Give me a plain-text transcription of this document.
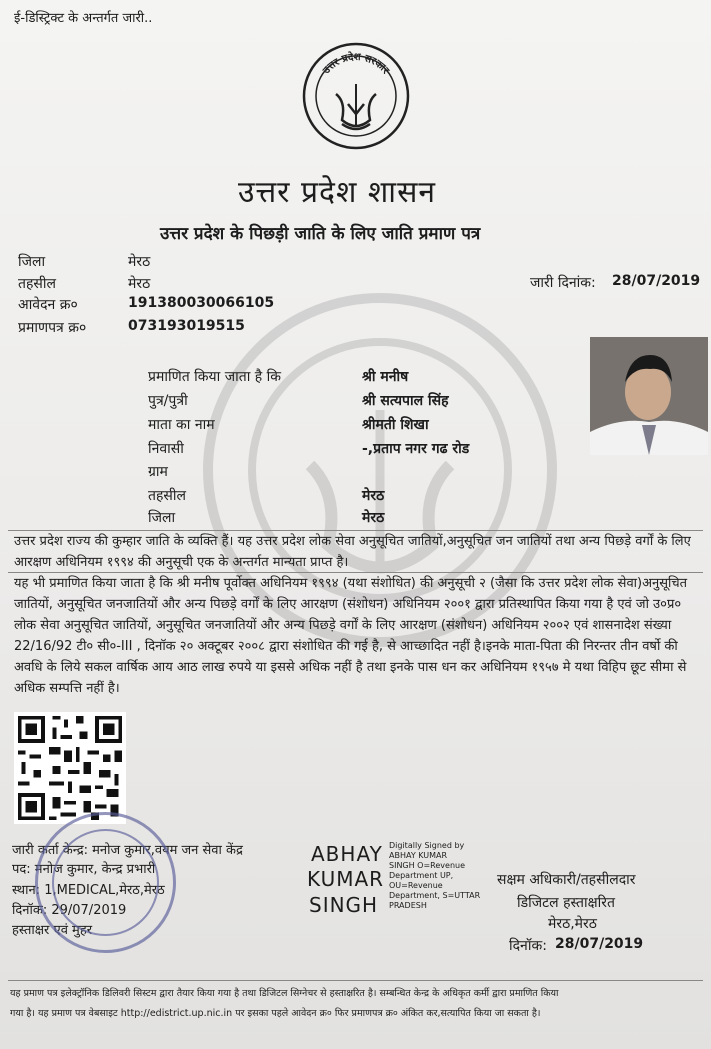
ई-डिस्ट्रिक्ट के अन्तर्गत जारी..
उत्तर प्रदेश सरकार
उत्तर प्रदेश शासन
उत्तर प्रदेश के पिछड़ी जाति के लिए जाति प्रमाण पत्र
जिला	मेरठ
तहसील	मेरठ
आवेदन क्र०	191380030066105
प्रमाणपत्र क्र०	073193019515
जारी दिनांक: 28/07/2019
प्रमाणित किया जाता है कि	श्री मनीष
पुत्र/पुत्री	श्री सत्यपाल सिंह
माता का नाम	श्रीमती शिखा
निवासी	-,प्रताप नगर गढ रोड
ग्राम
तहसील	मेरठ
जिला	मेरठ
उत्तर प्रदेश राज्य की कुम्हार जाति के व्यक्ति हैं। यह उत्तर प्रदेश लोक सेवा अनुसूचित जातियों,अनुसूचित जन जातियों तथा अन्य पिछड़े वर्गों के लिए आरक्षण अधिनियम १९९४ की अनुसूची एक के अन्तर्गत मान्यता प्राप्त है।
यह भी प्रमाणित किया जाता है कि श्री मनीष पूर्वोक्त अधिनियम १९९४ (यथा संशोधित) की अनुसूची २ (जैसा कि उत्तर प्रदेश लोक सेवा)अनुसूचित जातियों, अनुसूचित जनजातियों और अन्य पिछड़े वर्गों के लिए आरक्षण (संशोधन) अधिनियम २००१ द्वारा प्रतिस्थापित किया गया है एवं जो उ०प्र० लोक सेवा अनुसूचित जातियों, अनुसूचित जनजातियों और अन्य पिछड़े वर्गों के लिए आरक्षण (संशोधन) अधिनियम २००२ एवं शासनादेश संख्या 22/16/92 टी० सी०-III , दिनॉक २० अक्टूबर २००८ द्वारा संशोधित की गई है, से आच्छादित नहीं है।इनके माता-पिता की निरन्तर तीन वर्षो की अवधि के लिये सकल वार्षिक आय आठ लाख रुपये या इससे अधिक नहीं है तथा इनके पास धन कर अधिनियम १९५७ मे यथा विहिप छूट सीमा से अधिक सम्पत्ति नहीं है।
जारी कर्ता केन्द्र: मनोज कुमार,वयम जन सेवा केंद्र
पद: मनोज कुमार, केन्द्र प्रभारी
स्थान: 1,MEDICAL,मेरठ,मेरठ
दिनॉक: 29/07/2019
हस्ताक्षर एवं मुहर
ABHAY
KUMAR
SINGH
Digitally Signed by
ABHAY KUMAR
SINGH O=Revenue
Department UP,
OU=Revenue
Department, S=UTTAR
PRADESH
सक्षम अधिकारी/तहसीलदार
डिजिटल हस्ताक्षरित
मेरठ,मेरठ
दिनॉक: 28/07/2019
यह प्रमाण पत्र इलेक्ट्रॉनिक डिलिवरी सिस्टम द्वारा तैयार किया गया है तथा डिजिटल सिग्नेचर से हस्ताक्षरित है। सम्बन्धित केन्द्र के अधिकृत कर्मी द्वारा प्रमाणित किया
गया है। यह प्रमाण पत्र वेबसाइट http://edistrict.up.nic.in पर इसका पहले आवेदन क्र० फिर प्रमाणपत्र क्र० अंकित कर,सत्यापित किया जा सकता है।
